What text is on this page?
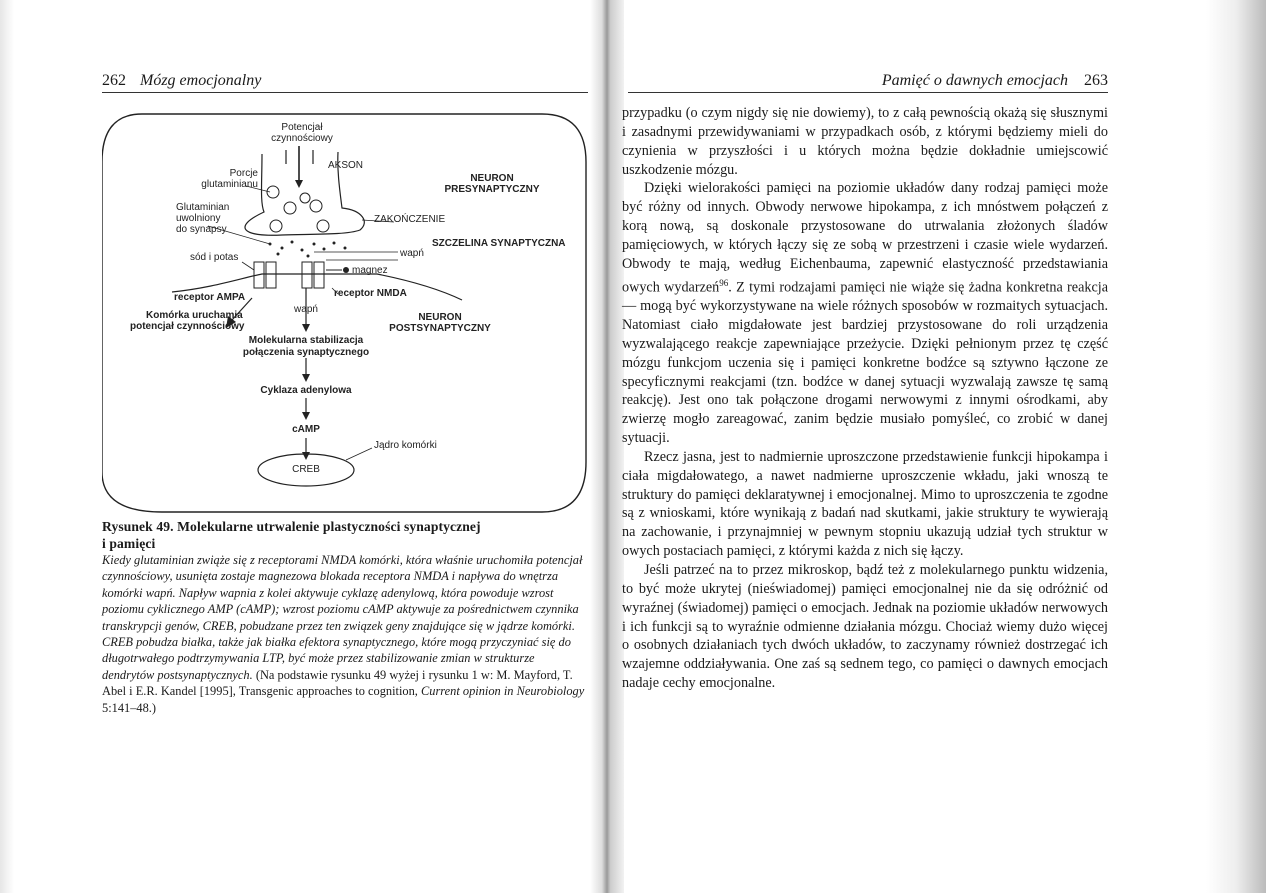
262 Mózg emocjonalny	Pamięć o dawnych emocjach 263
Potencjał
czynnościowy
AKSON
Porcje
glutaminianu
NEURON
PRESYNAPTYCZNY
Glutaminian
uwolniony
do synapsy
ZAKOŃCZENIE
SZCZELINA SYNAPTYCZNA
sód i potas	wapń
magnez
receptor AMPA	receptor NMDA
wapń
Komórka uruchamia
potencjał czynnościowy
NEURON
POSTSYNAPTYCZNY
Molekularna stabilizacja
połączenia synaptycznego
Cyklaza adenylowa
cAMP
Jądro komórki
CREB
Rysunek 49. Molekularne utrwalenie plastyczności synaptycznej
i pamięci
Kiedy glutaminian zwiąże się z receptorami NMDA komórki, która właśnie uruchomiła potencjał czynnościowy, usunięta zostaje magnezowa blokada receptora NMDA i napływa do wnętrza komórki wapń. Napływ wapnia z kolei aktywuje cyklazę adenylową, która powoduje wzrost poziomu cyklicznego AMP (cAMP); wzrost poziomu cAMP aktywuje za pośrednictwem czynnika transkrypcji genów, CREB, pobudzane przez ten związek geny znajdujące się w jądrze komórki. CREB pobudza białka, także jak białka efektora synaptycznego, które mogą przyczyniać się do długotrwałego podtrzymywania LTP, być może przez stabilizowanie zmian w strukturze dendrytów postsynaptycznych. (Na podstawie rysunku 49 wyżej i rysunku 1 w: M. Mayford, T. Abel i E.R. Kandel [1995], Transgenic approaches to cognition, Current opinion in Neurobiology 5:141–48.)

przypadku (o czym nigdy się nie dowiemy), to z całą pewnością okażą się słusznymi i zasadnymi przewidywaniami w przypadkach osób, z którymi będziemy mieli do czynienia w przyszłości i u których można będzie dokładnie umiejscowić uszkodzenie mózgu.

Dzięki wielorakości pamięci na poziomie układów dany rodzaj pamięci może być różny od innych. Obwody nerwowe hipokampa, z ich mnóstwem połączeń z korą nową, są doskonale przystosowane do utrwalania złożonych śladów pamięciowych, w których łączy się ze sobą w przestrzeni i czasie wiele wydarzeń. Obwody te mają, według Eichenbauma, zapewnić elastyczność przedstawiania owych wydarzeń$^{96}$. Z tymi rodzajami pamięci nie wiąże się żadna konkretna reakcja — mogą być wykorzystywane na wiele różnych sposobów w rozmaitych sytuacjach. Natomiast ciało migdałowate jest bardziej przystosowane do roli urządzenia wyzwalającego reakcje zapewniające przeżycie. Dzięki pełnionym przez tę część mózgu funkcjom uczenia się i pamięci konkretne bodźce są sztywno łączone ze specyficznymi reakcjami (tzn. bodźce w danej sytuacji wyzwalają zawsze tę samą reakcję). Jest ono tak połączone drogami nerwowymi z innymi ośrodkami, aby zwierzę mogło zareagować, zanim będzie musiało pomyśleć, co zrobić w danej sytuacji.

Rzecz jasna, jest to nadmiernie uproszczone przedstawienie funkcji hipokampa i ciała migdałowatego, a nawet nadmierne uproszczenie wkładu, jaki wnoszą te struktury do pamięci deklaratywnej i emocjonalnej. Mimo to uproszczenia te zgodne są z wnioskami, które wynikają z badań nad skutkami, jakie struktury te wywierają na zachowanie, i przynajmniej w pewnym stopniu ukazują udział tych struktur w owych postaciach pamięci, z którymi każda z nich się łączy.

Jeśli patrzeć na to przez mikroskop, bądź też z molekularnego punktu widzenia, to być może ukrytej (nieświadomej) pamięci emocjonalnej nie da się odróżnić od wyraźnej (świadomej) pamięci o emocjach. Jednak na poziomie układów nerwowych i ich funkcji są to wyraźnie odmienne działania mózgu. Chociaż wiemy dużo więcej o osobnych działaniach tych dwóch układów, to zaczynamy również dostrzegać ich wzajemne oddziaływania. One zaś są sednem tego, co pamięci o dawnych emocjach nadaje cechy emocjonalne.
